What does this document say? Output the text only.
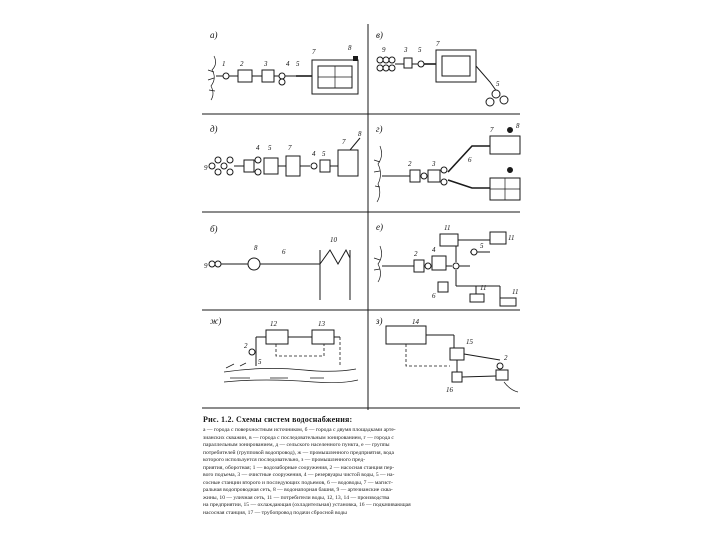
а)
1 2	3	4 5
7	8
в)
9	3 5
7
5
д)
9
4 5 7
4 5
7
8 г)
2	3
7
6
8
б)
9
8	6
10
е)
2 4
11
11
5
6
11	11
ж)	12	13
2
5
з)	14
15
2
16

Рис. 1.2. Схемы систем водоснабжения:

а — города с поверхностным источником, б — города с двумя площадками арте-
зианских скважин, в — города с последовательным зонированием, г — города с
параллельным зонированием, д — сельского населенного пункта, е — группы
потребителей (групповой водопровод), ж — промышленного предприятия, вода
которого используется последовательно, з — промышленного пред-
приятия, оборотная; 1 — водозаборные сооружения, 2 — насосная станция пер-
вого подъема, 3 — очистные сооружения, 4 — резервуары чистой воды, 5 — на-
сосные станции второго и последующих подъемов, 6 — водоводы, 7 — магист-
ральная водопроводная сеть, 8 — водонапорная башня, 9 — артезианские сква-
жины, 10 — уличная сеть, 11 — потребители воды, 12, 13, 14 — производства
на предприятии, 15 — охлаждающая (охладительная) установка, 16 — подкачивающая
насосная станция, 17 — трубопровод подачи сбросной воды
